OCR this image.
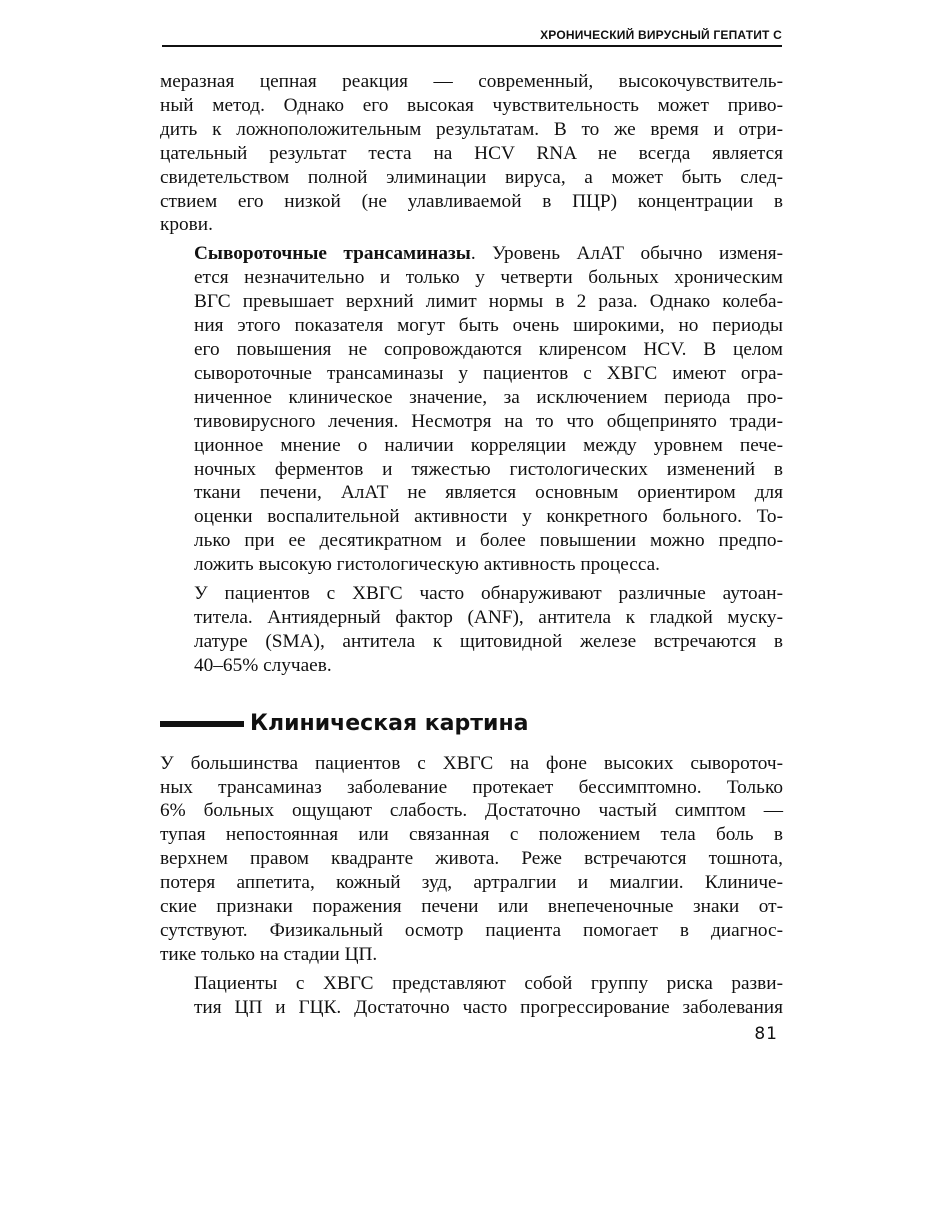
ХРОНИЧЕСКИЙ ВИРУСНЫЙ ГЕПАТИТ С

меразная цепная реакция — современный, высокочувствитель-
ный метод. Однако его высокая чувствительность может приво-
дить к ложноположительным результатам. В то же время и отри-
цательный результат теста на HCV RNA не всегда является
свидетельством полной элиминации вируса, а может быть след-
ствием его низкой (не улавливаемой в ПЦР) концентрации в
крови.

Сывороточные трансаминазы. Уровень АлАТ обычно изменя-
ется незначительно и только у четверти больных хроническим
ВГС превышает верхний лимит нормы в 2 раза. Однако колеба-
ния этого показателя могут быть очень широкими, но периоды
его повышения не сопровождаются клиренсом HCV. В целом
сывороточные трансаминазы у пациентов с ХВГС имеют огра-
ниченное клиническое значение, за исключением периода про-
тивовирусного лечения. Несмотря на то что общепринято тради-
ционное мнение о наличии корреляции между уровнем пече-
ночных ферментов и тяжестью гистологических изменений в
ткани печени, АлАТ не является основным ориентиром для
оценки воспалительной активности у конкретного больного. То-
лько при ее десятикратном и более повышении можно предпо-
ложить высокую гистологическую активность процесса.

У пациентов с ХВГС часто обнаруживают различные аутоан-
титела. Антиядерный фактор (ANF), антитела к гладкой муску-
латуре (SMA), антитела к щитовидной железе встречаются в
40–65% случаев.

Клиническая картина

У большинства пациентов с ХВГС на фоне высоких сывороточ-
ных трансаминаз заболевание протекает бессимптомно. Только
6% больных ощущают слабость. Достаточно частый симптом —
тупая непостоянная или связанная с положением тела боль в
верхнем правом квадранте живота. Реже встречаются тошнота,
потеря аппетита, кожный зуд, артралгии и миалгии. Клиниче-
ские признаки поражения печени или внепеченочные знаки от-
сутствуют. Физикальный осмотр пациента помогает в диагнос-
тике только на стадии ЦП.

Пациенты с ХВГС представляют собой группу риска разви-
тия ЦП и ГЦК. Достаточно часто прогрессирование заболевания

81
